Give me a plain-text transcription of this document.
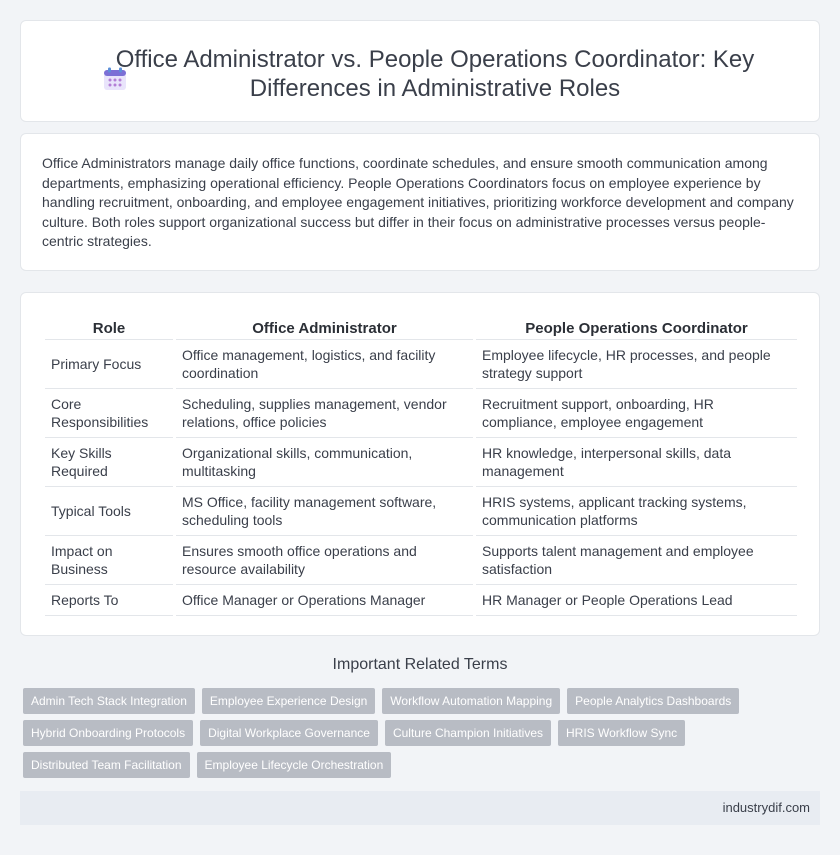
Office Administrator vs. People Operations Coordinator: Key Differences in Administrative Roles

Office Administrators manage daily office functions, coordinate schedules, and ensure smooth communication among departments, emphasizing operational efficiency. People Operations Coordinators focus on employee experience by handling recruitment, onboarding, and employee engagement initiatives, prioritizing workforce development and company culture. Both roles support organizational success but differ in their focus on administrative processes versus people-centric strategies.

Role	Office Administrator	People Operations Coordinator
Primary Focus	Office management, logistics, and facility coordination	Employee lifecycle, HR processes, and people strategy support
Core Responsibilities	Scheduling, supplies management, vendor relations, office policies	Recruitment support, onboarding, HR compliance, employee engagement
Key Skills Required	Organizational skills, communication, multitasking	HR knowledge, interpersonal skills, data management
Typical Tools	MS Office, facility management software, scheduling tools	HRIS systems, applicant tracking systems, communication platforms
Impact on Business	Ensures smooth office operations and resource availability	Supports talent management and employee satisfaction
Reports To	Office Manager or Operations Manager	HR Manager or People Operations Lead
Important Related Terms
Admin Tech Stack Integration	Employee Experience Design	Workflow Automation Mapping	People Analytics Dashboards
Hybrid Onboarding Protocols	Digital Workplace Governance	Culture Champion Initiatives	HRIS Workflow Sync
Distributed Team Facilitation	Employee Lifecycle Orchestration
industrydif.com
